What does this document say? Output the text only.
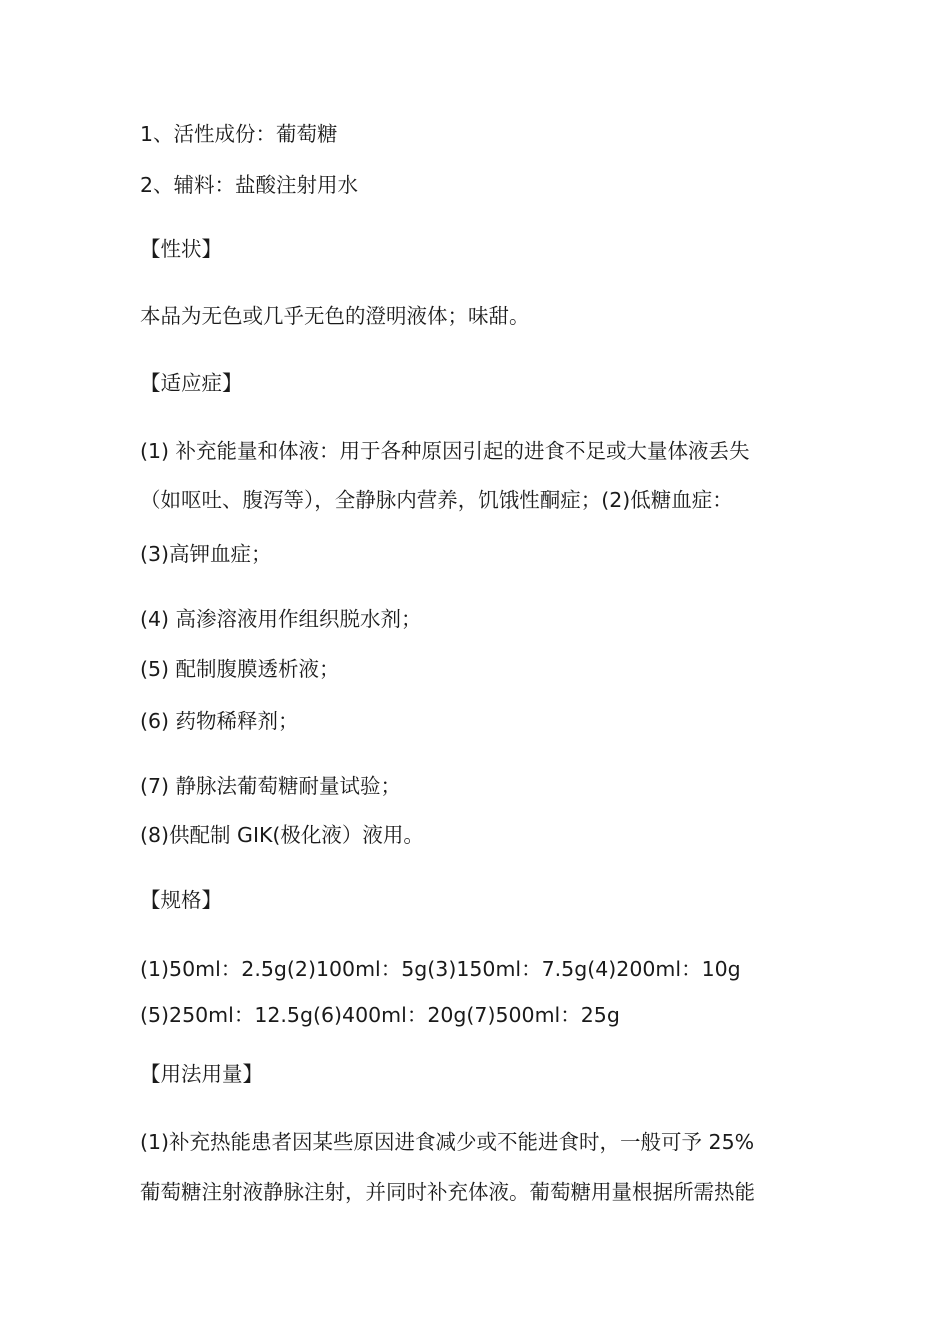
1、活性成份：葡萄糖
2、辅料：盐酸注射用水
【性状】
本品为无色或几乎无色的澄明液体；味甜。
【适应症】
(1) 补充能量和体液：用于各种原因引起的进食不足或大量体液丢失
（如呕吐、腹泻等），全静脉内营养，饥饿性酮症；(2)低糖血症：
(3)高钾血症；
(4) 高渗溶液用作组织脱水剂；
(5) 配制腹膜透析液；
(6) 药物稀释剂；
(7) 静脉法葡萄糖耐量试验；
(8)供配制 GIK(极化液）液用。
【规格】
(1)50ml：2.5g(2)100ml：5g(3)150ml：7.5g(4)200ml：10g
(5)250ml：12.5g(6)400ml：20g(7)500ml：25g
【用法用量】
(1)补充热能患者因某些原因进食减少或不能进食时，一般可予 25%
葡萄糖注射液静脉注射，并同时补充体液。葡萄糖用量根据所需热能
